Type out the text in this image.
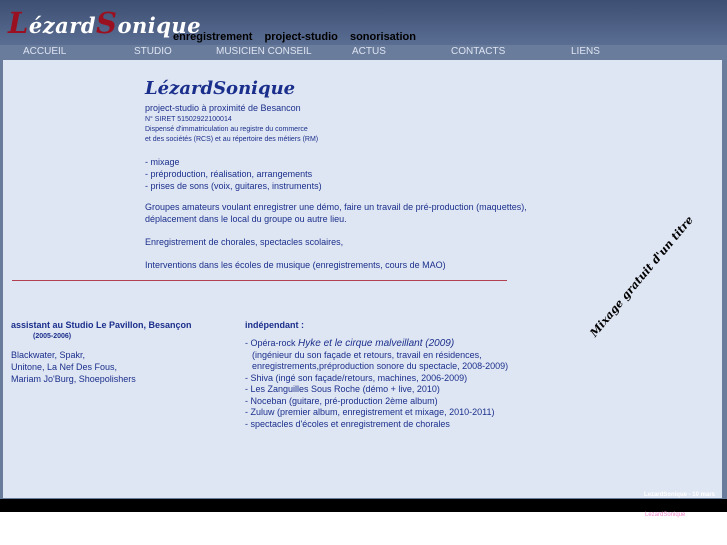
LézardSonique
enregistrement project-studio sonorisation
ACCUEIL	STUDIO	MUSICIEN CONSEIL	ACTUS	CONTACTS	LIENS
LézardSonique

project-studio à proximité de Besancon

N° SIRET 51502922100014

Dispensé d'immatriculation au registre du commerce

et des sociétés (RCS) et au répertoire des métiers (RM)

- mixage

- préproduction, réalisation, arrangements

- prises de sons (voix, guitares, instruments)

Groupes amateurs voulant enregistrer une démo, faire un travail de pré-production (maquettes),

déplacement dans le local du groupe ou autre lieu.

Enregistrement de chorales, spectacles scolaires,

Interventions dans les écoles de musique (enregistrements, cours de MAO)	Mixage gratuit d'un titre
assistant au Studio Le Pavillon, Besançon
(2005-2006)
Blackwater, Spakr,
Unitone, La Nef Des Fous,
Mariam Jo'Burg, Shoepolishers
indépendant :
- Opéra-rock Hyke et le cirque malveillant (2009)
(ingénieur du son façade et retours, travail en résidences,
enregistrements,préproduction sonore du spectacle, 2008-2009)
- Shiva (ingé son façade/retours, machines, 2006-2009)
- Les Zanguilles Sous Roche (démo + live, 2010)
- Noceban (guitare, pré-production 2ème album)
- Zuluw (premier album, enregistrement et mixage, 2010-2011)
- spectacles d'écoles et enregistrement de chorales
LezardSonique - 10 mars
LezardSonique
